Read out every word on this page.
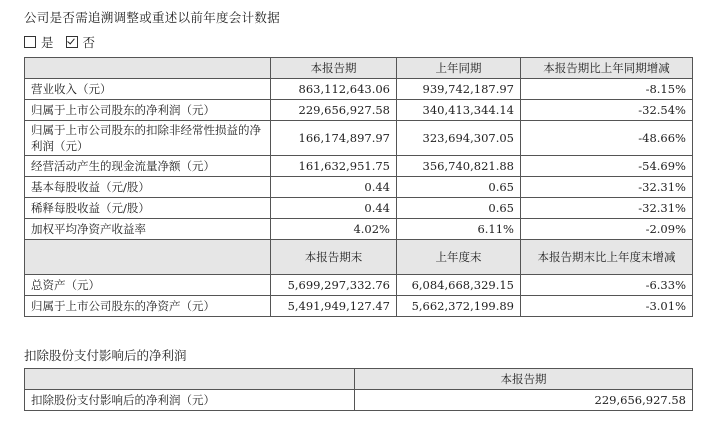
公司是否需追溯调整或重述以前年度会计数据
是 否
	本报告期	上年同期	本报告期比上年同期增减
营业收入（元）	863,112,643.06	939,742,187.97	-8.15%
归属于上市公司股东的净利润（元）	229,656,927.58	340,413,344.14	-32.54%
归属于上市公司股东的扣除非经常性损益的净利润（元）	166,174,897.97	323,694,307.05	-48.66%
经营活动产生的现金流量净额（元）	161,632,951.75	356,740,821.88	-54.69%
基本每股收益（元/股）	0.44	0.65	-32.31%
稀释每股收益（元/股）	0.44	0.65	-32.31%
加权平均净资产收益率	4.02%	6.11%	-2.09%
	本报告期末	上年度末	本报告期末比上年度末增减
总资产（元）	5,699,297,332.76	6,084,668,329.15	-6.33%
归属于上市公司股东的净资产（元）	5,491,949,127.47	5,662,372,199.89	-3.01%
扣除股份支付影响后的净利润
	本报告期
扣除股份支付影响后的净利润（元）	229,656,927.58
